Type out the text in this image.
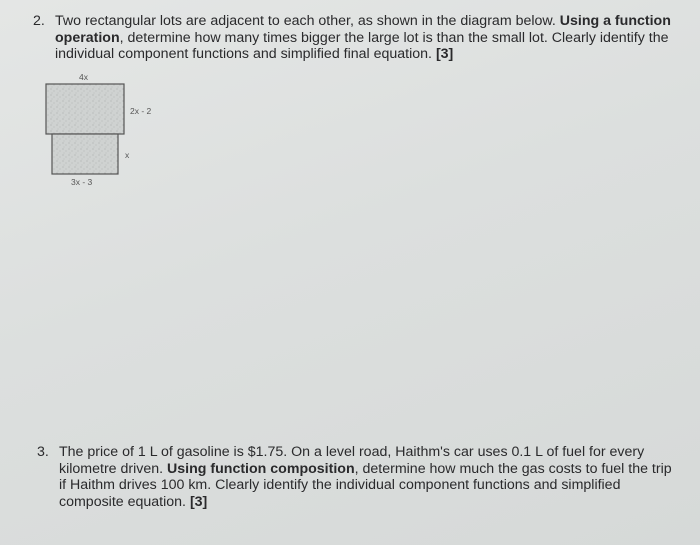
2. Two rectangular lots are adjacent to each other, as shown in the diagram below. Using a function operation, determine how many times bigger the large lot is than the small lot. Clearly identify the individual component functions and simplified final equation. [3]
4x
2x - 2
x
3x - 3
3. The price of 1 L of gasoline is $1.75. On a level road, Haithm's car uses 0.1 L of fuel for every kilometre driven. Using function composition, determine how much the gas costs to fuel the trip if Haithm drives 100 km. Clearly identify the individual component functions and simplified composite equation. [3]
